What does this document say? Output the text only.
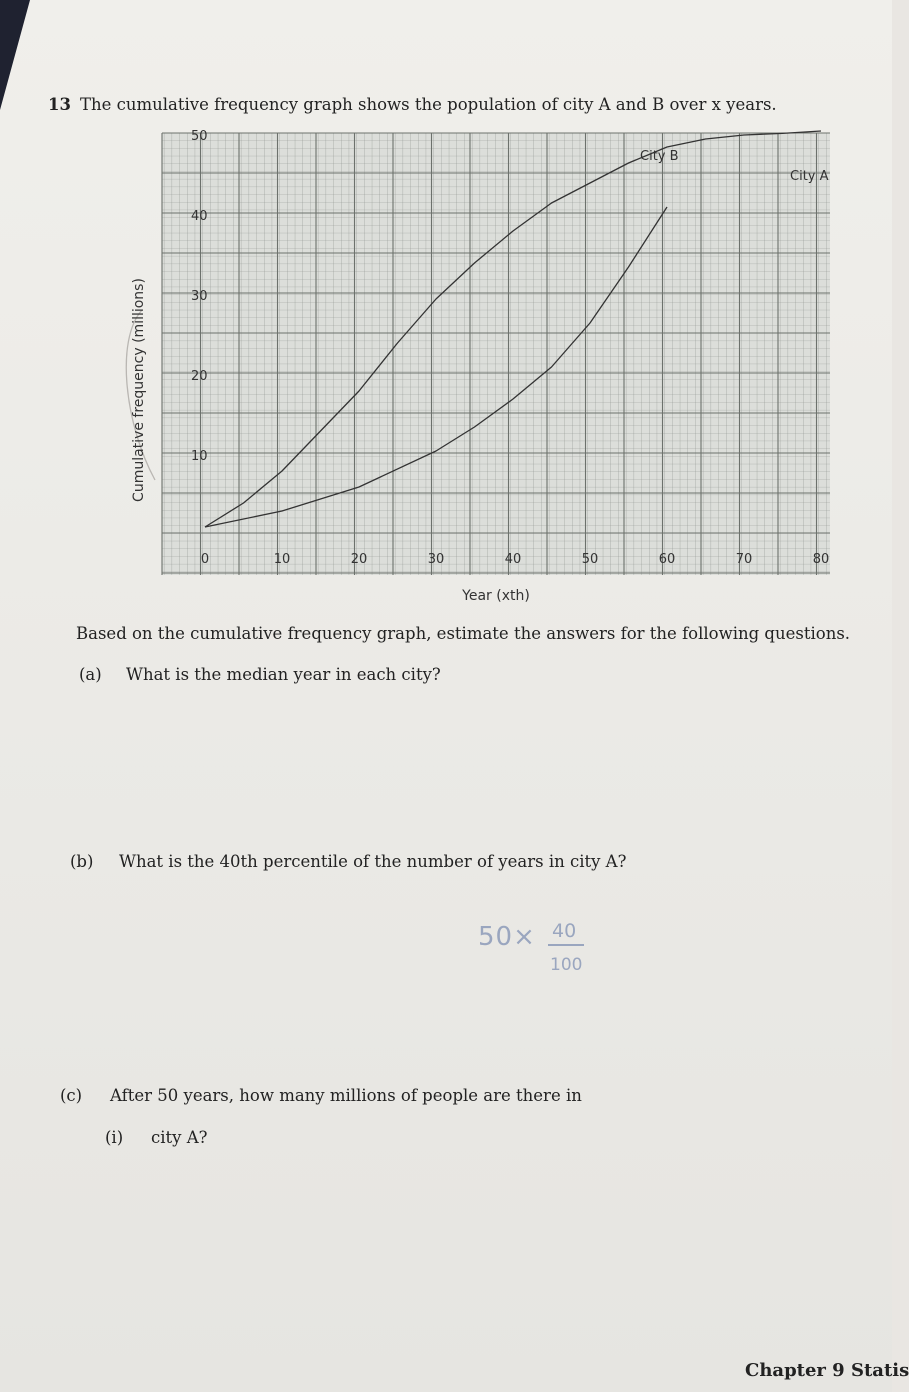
13 The cumulative frequency graph shows the population of city A and B over x years.
0	10	20	30	40	50	60	70	80
10
20
30
40
50
City A
City B
Cumulative frequency (millions)
Year (xth)
Based on the cumulative frequency graph, estimate the answers for the following questions.
(a) What is the median year in each city?
(b) What is the 40th percentile of the number of years in city A?
50× 40
100
(c) After 50 years, how many millions of people are there in
(i) city A?
Chapter 9 Statis
